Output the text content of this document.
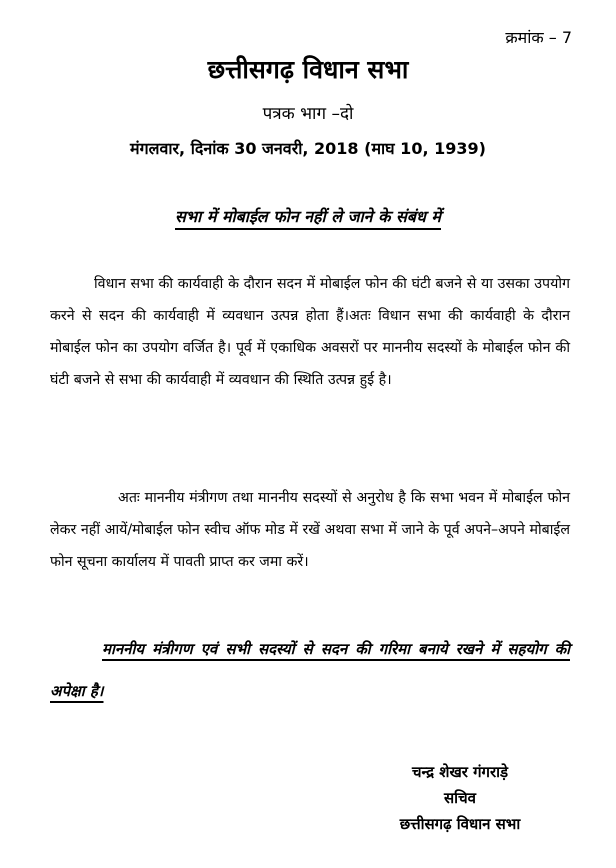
क्रमांक – 7
छत्तीसगढ़ विधान सभा
पत्रक भाग –दो
मंगलवार, दिनांक 30 जनवरी, 2018 (माघ 10, 1939)
सभा में मोबाईल फोन नहीं ले जाने के संबंध में

विधान सभा की कार्यवाही के दौरान सदन में मोबाईल फोन की घंटी बजने से या उसका उपयोग करने से सदन की कार्यवाही में व्यवधान उत्पन्न होता हैं।अतः विधान सभा की कार्यवाही के दौरान मोबाईल फोन का उपयोग वर्जित है। पूर्व में एकाधिक अवसरों पर माननीय सदस्यों के मोबाईल फोन की घंटी बजने से सभा की कार्यवाही में व्यवधान की स्थिति उत्पन्न हुई है।

अतः माननीय मंत्रीगण तथा माननीय सदस्यों से अनुरोध है कि सभा भवन में मोबाईल फोन लेकर नहीं आयें/मोबाईल फोन स्वीच ऑफ मोड में रखें अथवा सभा में जाने के पूर्व अपने–अपने मोबाईल फोन सूचना कार्यालय में पावती प्राप्त कर जमा करें।

माननीय मंत्रीगण एवं सभी सदस्यों से सदन की गरिमा बनाये रखने में सहयोग की अपेक्षा है।

चन्द्र शेखर गंगराड़े
सचिव
छत्तीसगढ़ विधान सभा
